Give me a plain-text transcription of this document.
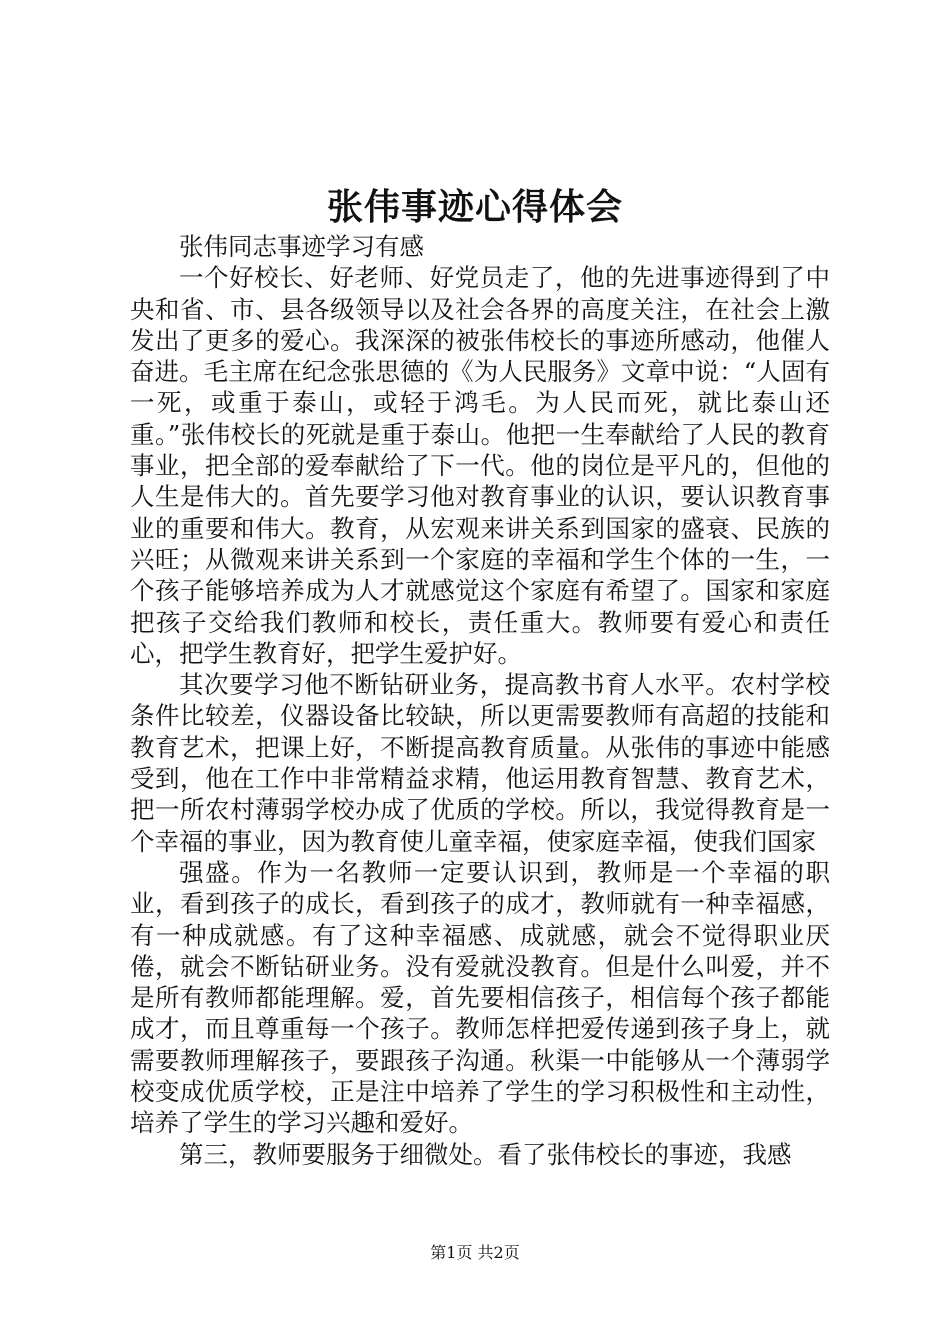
张伟事迹心得体会

张伟同志事迹学习有感

一个好校长、好老师、好党员走了，他的先进事迹得到了中央和省、市、县各级领导以及社会各界的高度关注，在社会上激发出了更多的爱心。我深深的被张伟校长的事迹所感动，他催人奋进。毛主席在纪念张思德的《为人民服务》文章中说：“人固有一死，或重于泰山，或轻于鸿毛。为人民而死，就比泰山还重。”张伟校长的死就是重于泰山。他把一生奉献给了人民的教育事业，把全部的爱奉献给了下一代。他的岗位是平凡的，但他的人生是伟大的。首先要学习他对教育事业的认识，要认识教育事业的重要和伟大。教育，从宏观来讲关系到国家的盛衰、民族的兴旺；从微观来讲关系到一个家庭的幸福和学生个体的一生，一个孩子能够培养成为人才就感觉这个家庭有希望了。国家和家庭把孩子交给我们教师和校长，责任重大。教师要有爱心和责任心，把学生教育好，把学生爱护好。

其次要学习他不断钻研业务，提高教书育人水平。农村学校条件比较差，仪器设备比较缺，所以更需要教师有高超的技能和教育艺术，把课上好，不断提高教育质量。从张伟的事迹中能感受到，他在工作中非常精益求精，他运用教育智慧、教育艺术，把一所农村薄弱学校办成了优质的学校。所以，我觉得教育是一个幸福的事业，因为教育使儿童幸福，使家庭幸福，使我们国家

强盛。作为一名教师一定要认识到，教师是一个幸福的职业，看到孩子的成长，看到孩子的成才，教师就有一种幸福感，有一种成就感。有了这种幸福感、成就感，就会不觉得职业厌倦，就会不断钻研业务。没有爱就没教育。但是什么叫爱，并不是所有教师都能理解。爱，首先要相信孩子，相信每个孩子都能成才，而且尊重每一个孩子。教师怎样把爱传递到孩子身上，就需要教师理解孩子，要跟孩子沟通。秋渠一中能够从一个薄弱学校变成优质学校，正是注中培养了学生的学习积极性和主动性，培养了学生的学习兴趣和爱好。

第三，教师要服务于细微处。看了张伟校长的事迹，我感

第1页 共2页
